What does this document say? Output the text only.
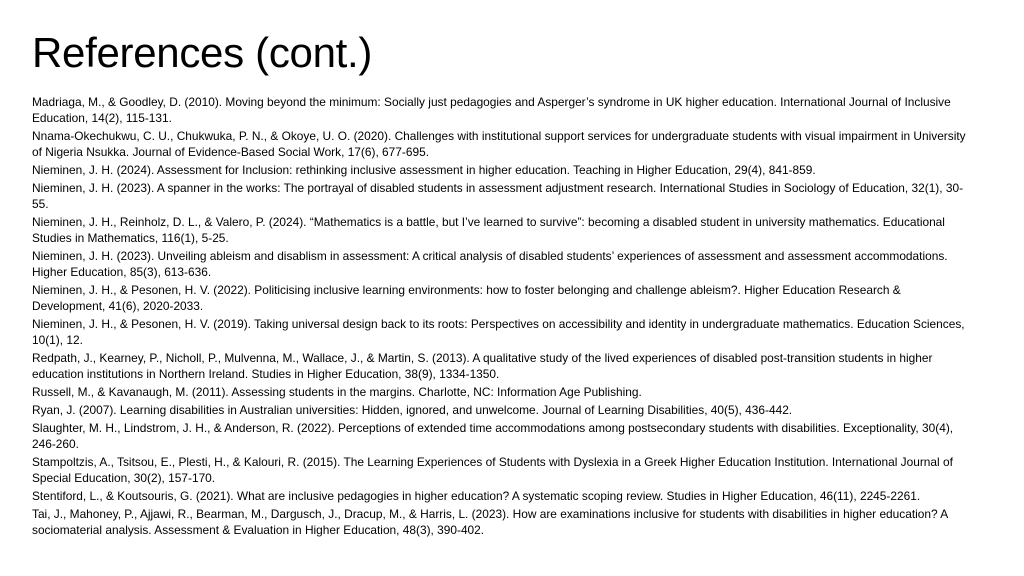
References (cont.)
Madriaga, M., & Goodley, D. (2010). Moving beyond the minimum: Socially just pedagogies and Asperger’s syndrome in UK higher education. International Journal of Inclusive Education, 14(2), 115-131.
Nnama-Okechukwu, C. U., Chukwuka, P. N., & Okoye, U. O. (2020). Challenges with institutional support services for undergraduate students with visual impairment in University of Nigeria Nsukka. Journal of Evidence-Based Social Work, 17(6), 677-695.
Nieminen, J. H. (2024). Assessment for Inclusion: rethinking inclusive assessment in higher education. Teaching in Higher Education, 29(4), 841-859.
Nieminen, J. H. (2023). A spanner in the works: The portrayal of disabled students in assessment adjustment research. International Studies in Sociology of Education, 32(1), 30-55.
Nieminen, J. H., Reinholz, D. L., & Valero, P. (2024). “Mathematics is a battle, but I’ve learned to survive”: becoming a disabled student in university mathematics. Educational Studies in Mathematics, 116(1), 5-25.
Nieminen, J. H. (2023). Unveiling ableism and disablism in assessment: A critical analysis of disabled students’ experiences of assessment and assessment accommodations. Higher Education, 85(3), 613-636.
Nieminen, J. H., & Pesonen, H. V. (2022). Politicising inclusive learning environments: how to foster belonging and challenge ableism?. Higher Education Research & Development, 41(6), 2020-2033.
Nieminen, J. H., & Pesonen, H. V. (2019). Taking universal design back to its roots: Perspectives on accessibility and identity in undergraduate mathematics. Education Sciences, 10(1), 12.
Redpath, J., Kearney, P., Nicholl, P., Mulvenna, M., Wallace, J., & Martin, S. (2013). A qualitative study of the lived experiences of disabled post-transition students in higher education institutions in Northern Ireland. Studies in Higher Education, 38(9), 1334-1350.
Russell, M., & Kavanaugh, M. (2011). Assessing students in the margins. Charlotte, NC: Information Age Publishing.
Ryan, J. (2007). Learning disabilities in Australian universities: Hidden, ignored, and unwelcome. Journal of Learning Disabilities, 40(5), 436-442.
Slaughter, M. H., Lindstrom, J. H., & Anderson, R. (2022). Perceptions of extended time accommodations among postsecondary students with disabilities. Exceptionality, 30(4), 246-260.
Stampoltzis, A., Tsitsou, E., Plesti, H., & Kalouri, R. (2015). The Learning Experiences of Students with Dyslexia in a Greek Higher Education Institution. International Journal of Special Education, 30(2), 157-170.
Stentiford, L., & Koutsouris, G. (2021). What are inclusive pedagogies in higher education? A systematic scoping review. Studies in Higher Education, 46(11), 2245-2261.
Tai, J., Mahoney, P., Ajjawi, R., Bearman, M., Dargusch, J., Dracup, M., & Harris, L. (2023). How are examinations inclusive for students with disabilities in higher education? A sociomaterial analysis. Assessment & Evaluation in Higher Education, 48(3), 390-402.
